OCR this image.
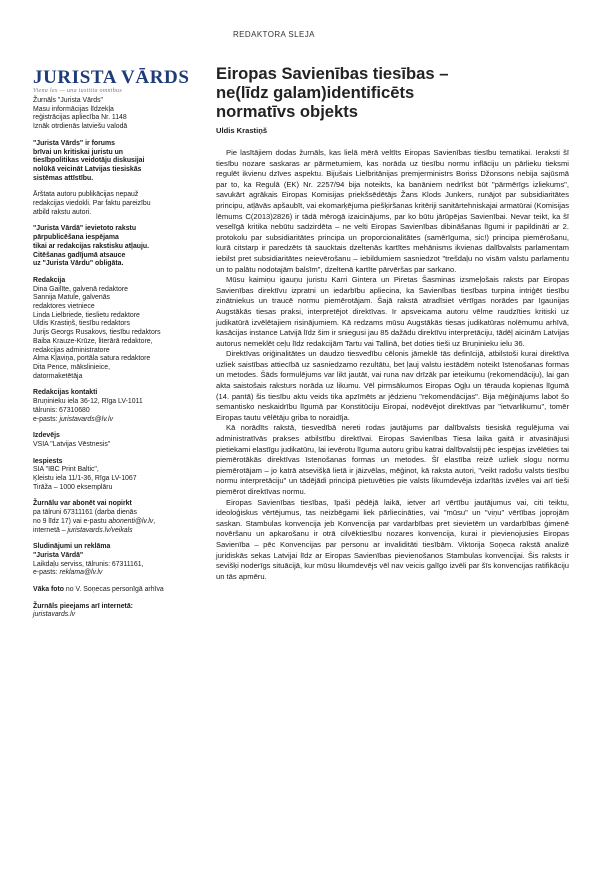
REDAKTORA SLEJA
JURISTA VĀRDS
Viena lex — una iustitia omnibus

Žurnāls "Jurista Vārds"
Masu informācijas līdzekļa
reģistrācijas apliecība Nr. 1148
Iznāk otrdienās latviešu valodā

"Jurista Vārds" ir forums
brīvai un kritiskai juristu un
tiesībpolitikas veidotāju diskusijai
nolūkā veicināt Latvijas tiesiskās
sistēmas attīstību.

Ārštata autoru publikācijas nepauž
redakcijas viedokli. Par faktu pareizību
atbild rakstu autori.

"Jurista Vārdā" ievietoto rakstu
pārpublicēšana iespējama
tikai ar redakcijas rakstisku atļauju.
Citēšanas gadījumā atsauce
uz "Jurista Vārdu" obligāta.

Redakcija
Dina Gailīte, galvenā redaktore
Sannija Matule, galvenās
redaktores vietniece
Linda Lielbriede, tieslietu redaktore
Uldis Krastiņš, tiesību redaktors
Jurijs Georgs Rusakovs, tiesību redaktors
Baiba Krauze-Krūze, literārā redaktore,
redakcijas administratore
Alma Kļaviņa, portāla satura redaktore
Dita Pence, mākslinieice,
datormaketētāja

Redakcijas kontakti
Bruņinieku iela 36-12, Rīga LV-1011
tālrunis: 67310680
e-pasts: juristavards@lv.lv

Izdevējs
VSIA "Latvijas Vēstnesis"

Iespiests
SIA "IBC Print Baltic",
Ķleistu iela 11/1-36, Rīga LV-1067
Tirāža – 1000 eksemplāru

Žurnālu var abonēt vai nopirkt
pa tālruni 67311161 (darba dienās
no 9 līdz 17) vai e-pastu abonenti@lv.lv,
internetā – juristavards.lv/veikals

Sludinājumi un reklāma
"Jurista Vārdā"
Laikdaļu serviss, tālrunis: 67311161,
e-pasts: reklama@lv.lv

Vāka foto no V. Soņecas personīgā arhīva

Žurnāls pieejams arī internetā:
juristavards.lv

Eiropas Savienības tiesības –
ne(līdz galam)identificēts
normatīvs objekts
Uldis Krastiņš

Pie lasītājiem dodas žurnāls, kas lielā mērā veltīts Eiropas Savienības tiesību tematikai. Ieraksti šī tiesību nozare saskaras ar pārmetumiem, kas norāda uz tiesību normu inflāciju un pārlieku tieksmi regulēt ikvienu dzīves aspektu. Bijušais Lielbritānijas premjerministrs Boriss Džonsons nebija sajūsmā par to, ka Regulā (EK) Nr. 2257/94 bija noteikts, ka banāniem nedrīkst būt "pārmērīgs izliekums", savukārt agrākais Eiropas Komisijas priekšsēdētājs Žans Klods Junkers, runājot par subsidiaritātes principu, atļāvās apšaubīt, vai ekomarķējuma piešķiršanas kritēriji sanitārtehniskajai armatūrai (Komisijas lēmums C(2013)2826) ir tādā mērogā izaicinājums, par ko būtu jārūpējas Savienībai. Nevar teikt, ka šī veselīgā kritika nebūtu sadzirdēta – ne velti Eiropas Savienības dibināšanas līgumi ir papildināti ar 2. protokolu par subsidiaritātes principa un proporcionalitātes (samērīguma, sic!) principa piemērošanu, kurā citstarp ir paredzēts tā saucktais dzeltenās kartītes mehānisms ikvienas dalībvalsts parlamentam iebilst pret subsidiaritātes neievērošanu – iebildumiem sasniedzot "trešdaļu no visām valstu parlamentu un to palātu nodotajām balsīm", dzeltenā kartīte pārvēršas par sarkano.

Mūsu kaimiņu igauņu juristu Karri Gintera un Piretas Šasminas izsmeļošais raksts par Eiropas Savienības direktīvu izpratni un iedarbību apliecina, ka Savienības tiesības turpina intriģēt tiesību zinātniekus un traucē normu piemērotājam. Šajā rakstā atradīsiet vērtīgas norādes par Igaunijas Augstākās tiesas praksi, interpretējot direktīvas. Ir apsveicama autoru vēlme raudzīties kritiski uz judikatūrā izvēlētajiem risinājumiem. Kā redzams mūsu Augstākās tiesas judikatūras nolēmumu arhīvā, kasācijas instance Latvijā līdz šim ir sniegusi jau 85 dažādu direktīvu interpretāciju, tādēļ aicinām Latvijas autorus nemeklēt ceļu līdz redakcijām Tartu vai Tallinā, bet doties tieši uz Bruņinieku ielu 36.

Direktīvas oriģinalitātes un daudzo tiesvedību cēlonis jāmeklē tās definīcijā, atbilstoši kurai direktīva uzliek saistības attiecībā uz sasniedzamo rezultātu, bet ļauj valstu iestādēm noteikt īstenošanas formas un metodes. Šāds formulējums var likt jautāt, vai runa nav drīzāk par ieteikumu (rekomendāciju), lai gan akta saistošais raksturs norāda uz likumu. Vēl pirmsākumos Eiropas Ogļu un tērauda kopienas līgumā (14. pantā) šis tiesību aktu veids tika apzīmēts ar jēdzienu "rekomendācijas". Bija mēģinājums labot šo semantisko neskaidrību līgumā par Konstitūciju Eiropai, nodēvējot direktīvas par "ietvarlikumu", tomēr Eiropas tautu vēlētāju griba to noraidīja.

Kā norādīts rakstā, tiesvedībā nereti rodas jautājums par dalībvalsts tiesiskā regulējuma vai administratīvās prakses atbilstību direktīvai. Eiropas Savienības Tiesa laika gaitā ir atvasinājusi pietiekami elastīgu judikatūru, lai ievērotu līguma autoru gribu katrai dalībvalstij pēc iespējas izvēlēties tai piemērotākās direktīvas īstenošanas formas un metodes. Šī elastība reizē uzliek slogu normu piemērotājam – jo katrā atsevišķā lietā ir jāizvēlas, mēģinot, kā raksta autori, "veikt radošu valsts tiesību normu interpretāciju" un tādējādi principā pietuvēties pie valsts likumdevēja izdarītās izvēles vai arī tieši piemērot direktīvas normu.

Eiropas Savienības tiesības, īpaši pēdējā laikā, ietver arī vērtību jautājumus vai, citi teiktu, ideoloģiskus vērtējumus, tas neizbēgami liek pārliecināties, vai "mūsu" un "viņu" vērtības joprojām saskan. Stambulas konvencija jeb Konvencija par vardarbības pret sievietēm un vardarbības ģimenē novēršanu un apkarošanu ir otrā cilvēktiesību nozares konvencija, kurai ir pievienojusies Eiropas Savienība – pēc Konvencijas par personu ar invaliditāti tiesībām. Viktorija Soņeca rakstā analizē juridiskās sekas Latvijai līdz ar Eiropas Savienības pievienošanos Stambulas konvencijai. Šis raksts ir sevišķi noderīgs situācijā, kur mūsu likumdevējs vēl nav veicis galīgo izvēli par šīs konvencijas ratifikāciju un tās apmēru.
